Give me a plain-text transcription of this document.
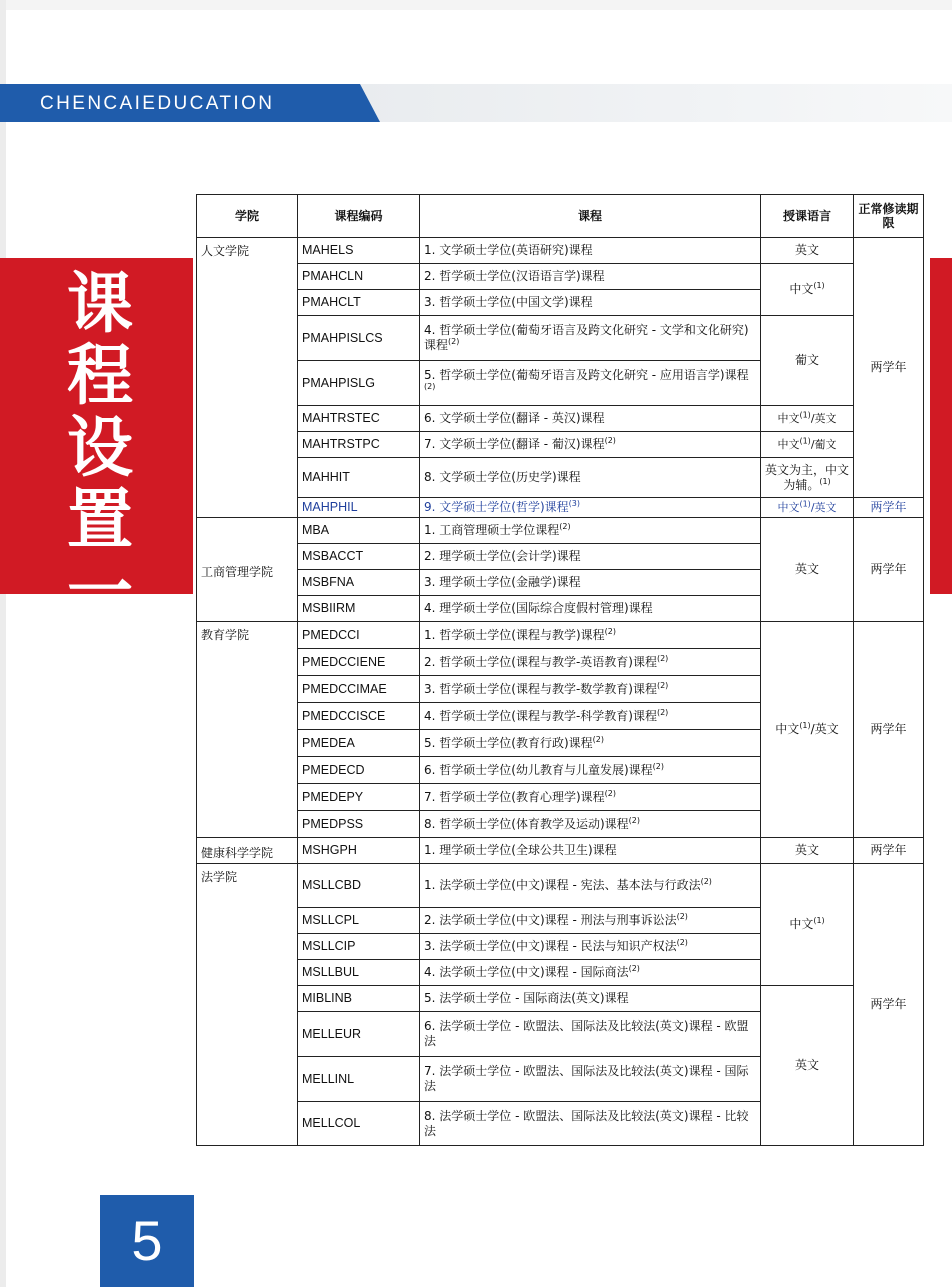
CHENCAIEDUCATION
课
程
设
置
一
学院	课程编码	课程	授课语言	正常修读期限
人文学院	MAHELS	1. 文学硕士学位(英语研究)课程	英文	两学年
	PMAHCLN	2. 哲学硕士学位(汉语语言学)课程	中文$^{(1)}$
	PMAHCLT	3. 哲学硕士学位(中国文学)课程		
	PMAHPISLCS	4. 哲学硕士学位(葡萄牙语言及跨文化研究 - 文学和文化研究)课程$^{(2)}$	葡文	
	PMAHPISLG	5. 哲学硕士学位(葡萄牙语言及跨文化研究 - 应用语言学)课程$^{(2)}$
	MAHTRSTEC	6. 文学硕士学位(翻译 - 英汉)课程	中文$^{(1)}$/英文	
	MAHTRSTPC	7. 文学硕士学位(翻译 - 葡汉)课程$^{(2)}$	中文$^{(1)}$/葡文	
	MAHHIT	8. 文学硕士学位(历史学)课程	英文为主，中文为辅。$^{(1)}$
	MAHPHIL	9. 文学硕士学位(哲学)课程$^{(3)}$	中文$^{(1)}$/英文	两学年
工商管理学院	MBA	1. 工商管理硕士学位课程$^{(2)}$	英文	两学年
	MSBACCT	2. 理学硕士学位(会计学)课程		
	MSBFNA	3. 理学硕士学位(金融学)课程		
	MSBIIRM	4. 理学硕士学位(国际综合度假村管理)课程		
教育学院	PMEDCCI	1. 哲学硕士学位(课程与教学)课程$^{(2)}$	中文$^{(1)}$/英文	两学年
	PMEDCCIENE	2. 哲学硕士学位(课程与教学-英语教育)课程$^{(2)}$
	PMEDCCIMAE	3. 哲学硕士学位(课程与教学-数学教育)课程$^{(2)}$
	PMEDCCISCE	4. 哲学硕士学位(课程与教学-科学教育)课程$^{(2)}$
	PMEDEA	5. 哲学硕士学位(教育行政)课程$^{(2)}$
	PMEDECD	6. 哲学硕士学位(幼儿教育与儿童发展)课程$^{(2)}$
	PMEDEPY	7. 哲学硕士学位(教育心理学)课程$^{(2)}$
	PMEDPSS	8. 哲学硕士学位(体育教学及运动)课程$^{(2)}$
健康科学学院	MSHGPH	1. 理学硕士学位(全球公共卫生)课程	英文	两学年
法学院	MSLLCBD	1. 法学硕士学位(中文)课程 - 宪法、基本法与行政法$^{(2)}$	中文$^{(1)}$	两学年
	MSLLCPL	2. 法学硕士学位(中文)课程 - 刑法与刑事诉讼法$^{(2)}$
	MSLLCIP	3. 法学硕士学位(中文)课程 - 民法与知识产权法$^{(2)}$
	MSLLBUL	4. 法学硕士学位(中文)课程 - 国际商法$^{(2)}$
	MIBLINB	5. 法学硕士学位 - 国际商法(英文)课程	英文	
	MELLEUR	6. 法学硕士学位 - 欧盟法、国际法及比较法(英文)课程 - 欧盟法		
	MELLINL	7. 法学硕士学位 - 欧盟法、国际法及比较法(英文)课程 - 国际法		
	MELLCOL	8. 法学硕士学位 - 欧盟法、国际法及比较法(英文)课程 - 比较法		
5
